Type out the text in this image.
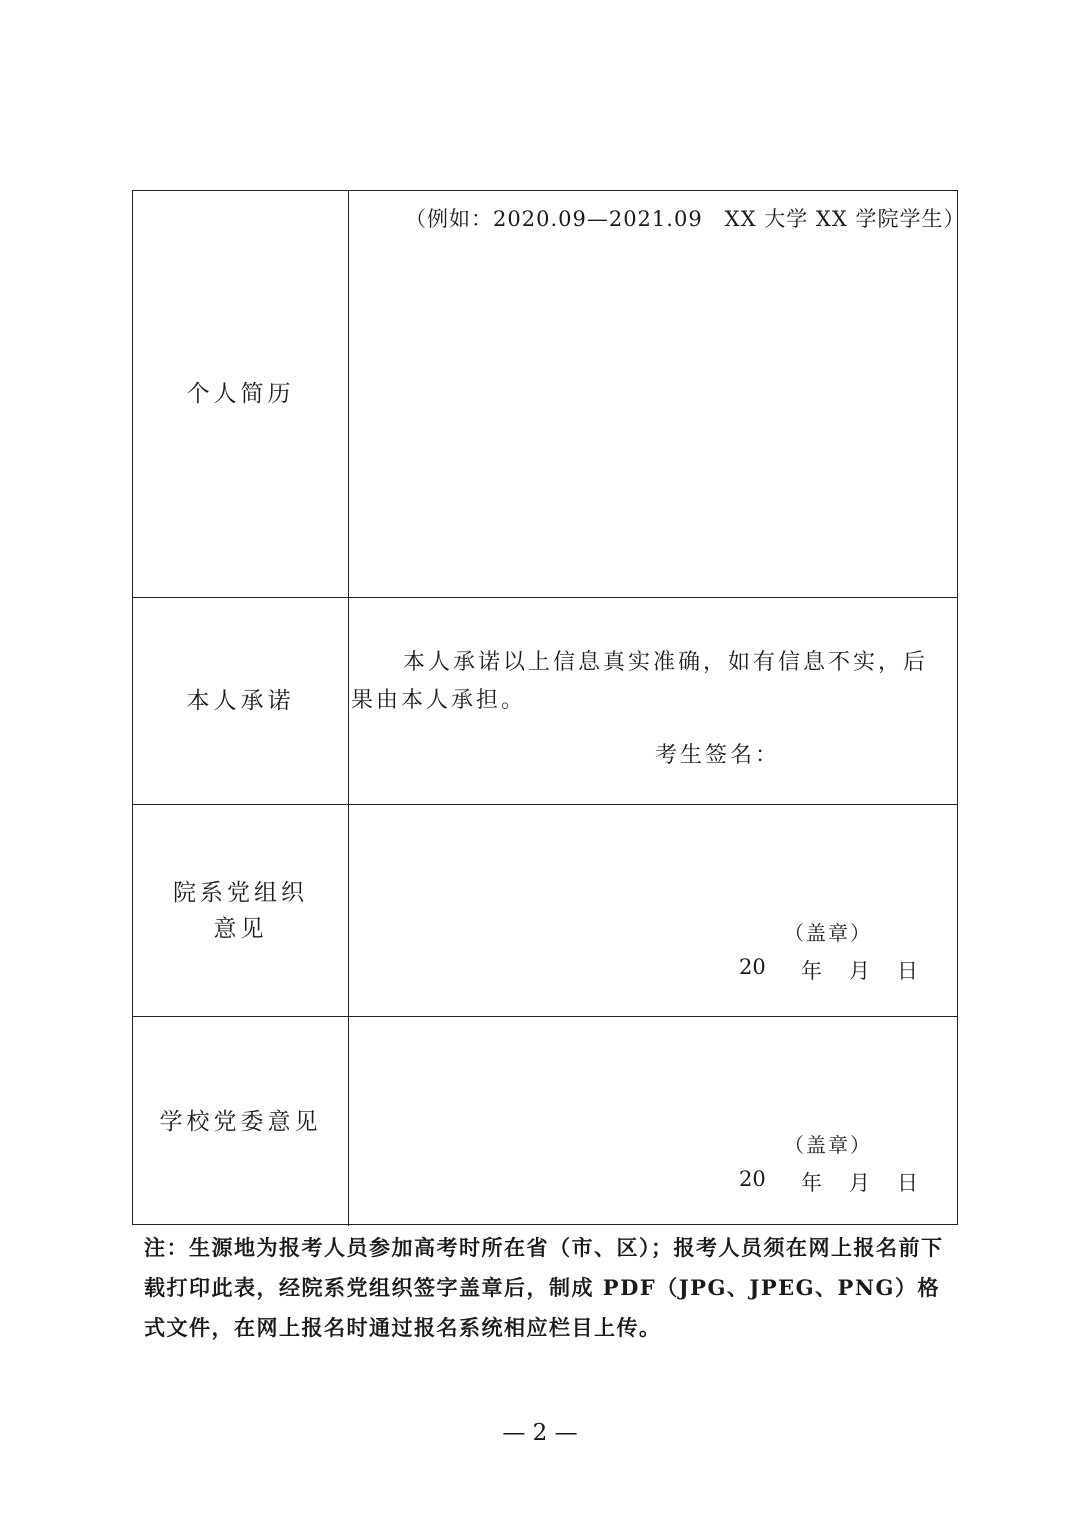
个人简历
（例如：2020.09—2021.09　XX 大学 XX 学院学生）
本人承诺
本人承诺以上信息真实准确，如有信息不实，后果由本人承担。
考生签名：
院系党组织
意见	（盖章）
20 年 月 日
学校党委意见
（盖章）
20 年 月 日
注：生源地为报考人员参加高考时所在省（市、区）；报考人员须在网上报名前下载打印此表，经院系党组织签字盖章后，制成 PDF（JPG、JPEG、PNG）格式文件，在网上报名时通过报名系统相应栏目上传。
— 2 —
